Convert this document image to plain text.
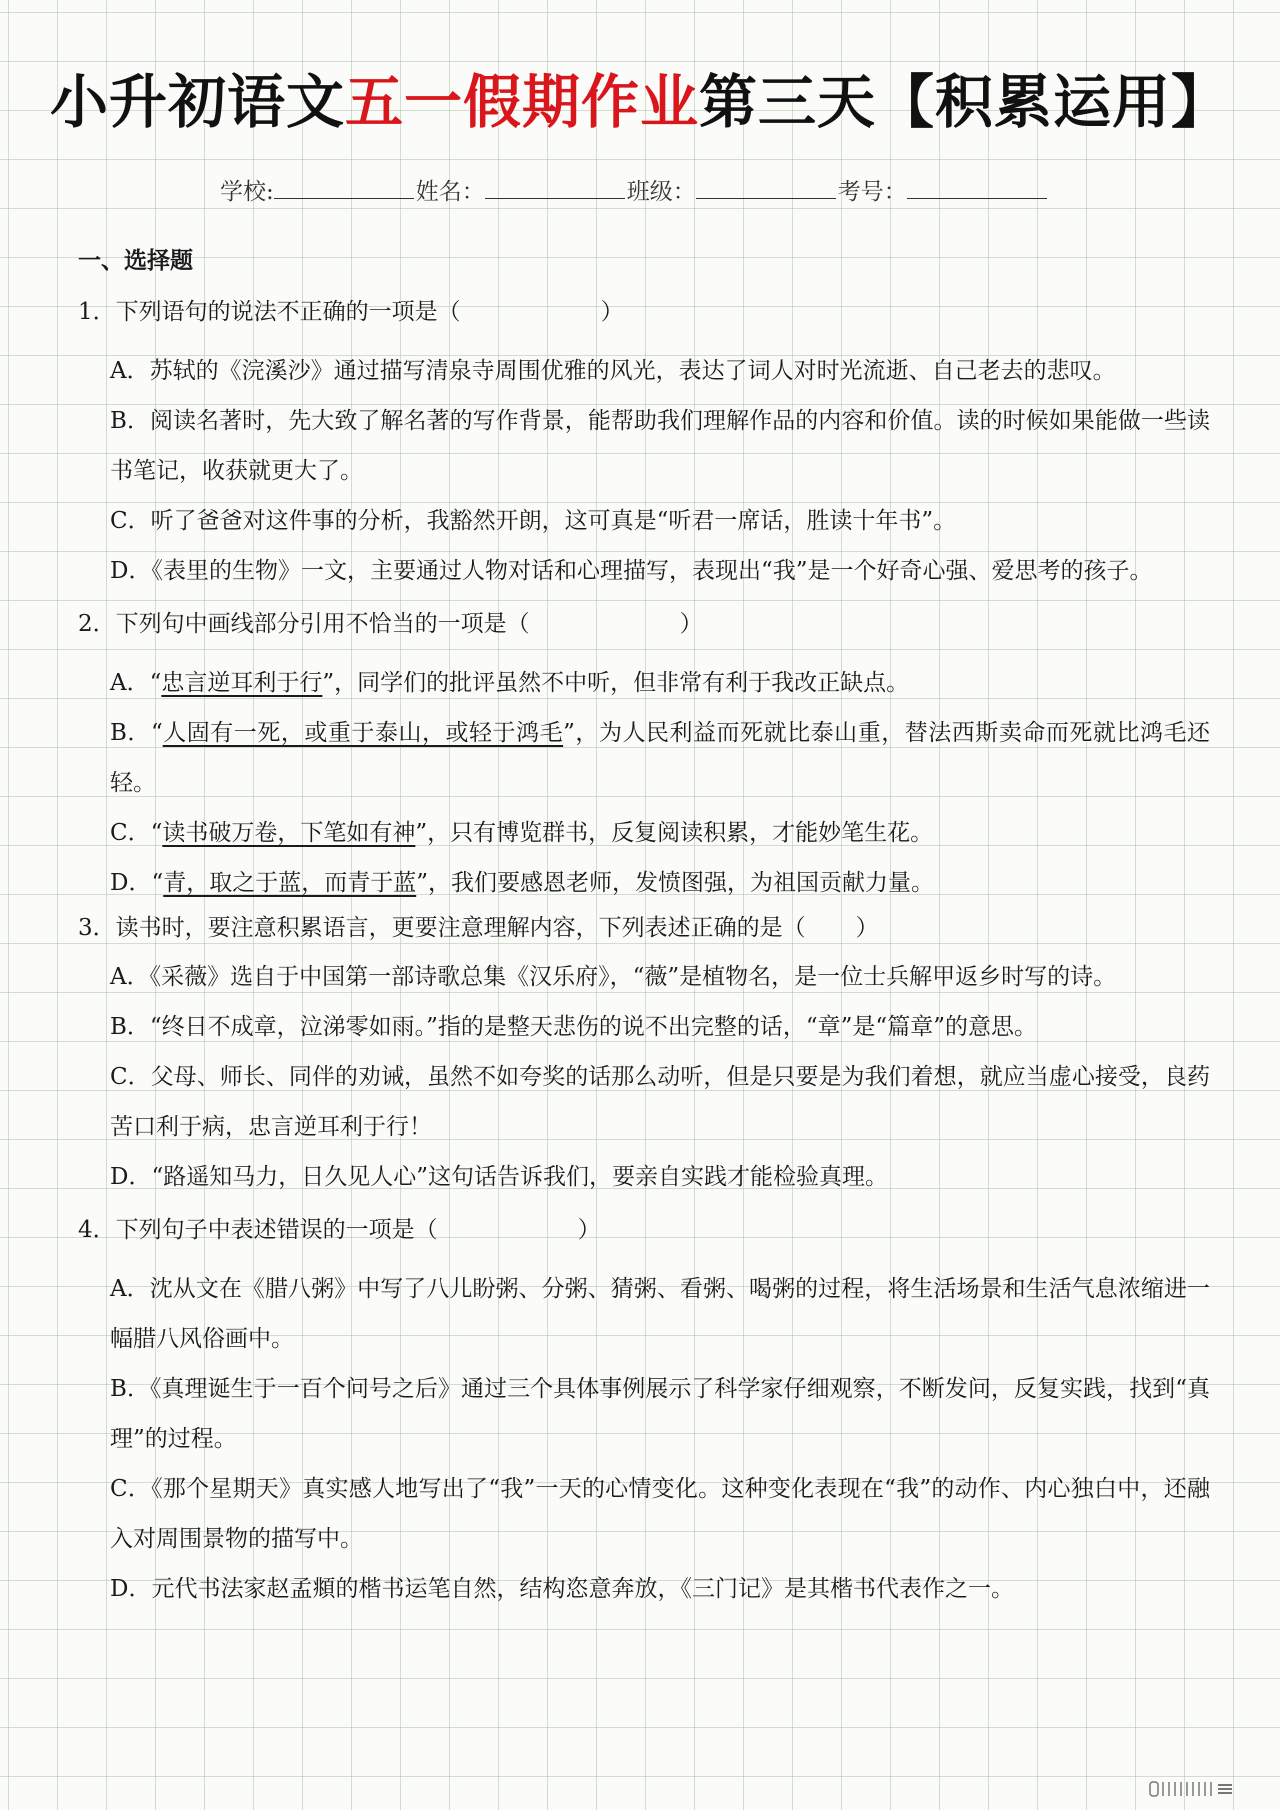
小升初语文五一假期作业第三天【积累运用】
学校:	姓名：	班级：	考号：
一、选择题
1．下列语句的说法不正确的一项是（	）
A．苏轼的《浣溪沙》通过描写清泉寺周围优雅的风光，表达了词人对时光流逝、自己老去的悲叹。
B．阅读名著时，先大致了解名著的写作背景，能帮助我们理解作品的内容和价值。读的时候如果能做一些读书笔记，收获就更大了。
C．听了爸爸对这件事的分析，我豁然开朗，这可真是“听君一席话，胜读十年书”。
D．《表里的生物》一文，主要通过人物对话和心理描写，表现出“我”是一个好奇心强、爱思考的孩子。
2．下列句中画线部分引用不恰当的一项是（	）
A．“忠言逆耳利于行”，同学们的批评虽然不中听，但非常有利于我改正缺点。
B．“人固有一死，或重于泰山，或轻于鸿毛”，为人民利益而死就比泰山重，替法西斯卖命而死就比鸿毛还轻。
C．“读书破万卷，下笔如有神”，只有博览群书，反复阅读积累，才能妙笔生花。
D．“青，取之于蓝，而青于蓝”，我们要感恩老师，发愤图强，为祖国贡献力量。
3．读书时，要注意积累语言，更要注意理解内容，下列表述正确的是（ ）
A．《采薇》选自于中国第一部诗歌总集《汉乐府》，“薇”是植物名，是一位士兵解甲返乡时写的诗。
B．“终日不成章，泣涕零如雨。”指的是整天悲伤的说不出完整的话，“章”是“篇章”的意思。
C．父母、师长、同伴的劝诫，虽然不如夸奖的话那么动听，但是只要是为我们着想，就应当虚心接受，良药苦口利于病，忠言逆耳利于行！
D．“路遥知马力，日久见人心”这句话告诉我们，要亲自实践才能检验真理。
4．下列句子中表述错误的一项是（	）
A．沈从文在《腊八粥》中写了八儿盼粥、分粥、猜粥、看粥、喝粥的过程，将生活场景和生活气息浓缩进一幅腊八风俗画中。
B．《真理诞生于一百个问号之后》通过三个具体事例展示了科学家仔细观察，不断发问，反复实践，找到“真理”的过程。
C．《那个星期天》真实感人地写出了“我”一天的心情变化。这种变化表现在“我”的动作、内心独白中，还融入对周围景物的描写中。
D．元代书法家赵孟頫的楷书运笔自然，结构恣意奔放，《三门记》是其楷书代表作之一。
